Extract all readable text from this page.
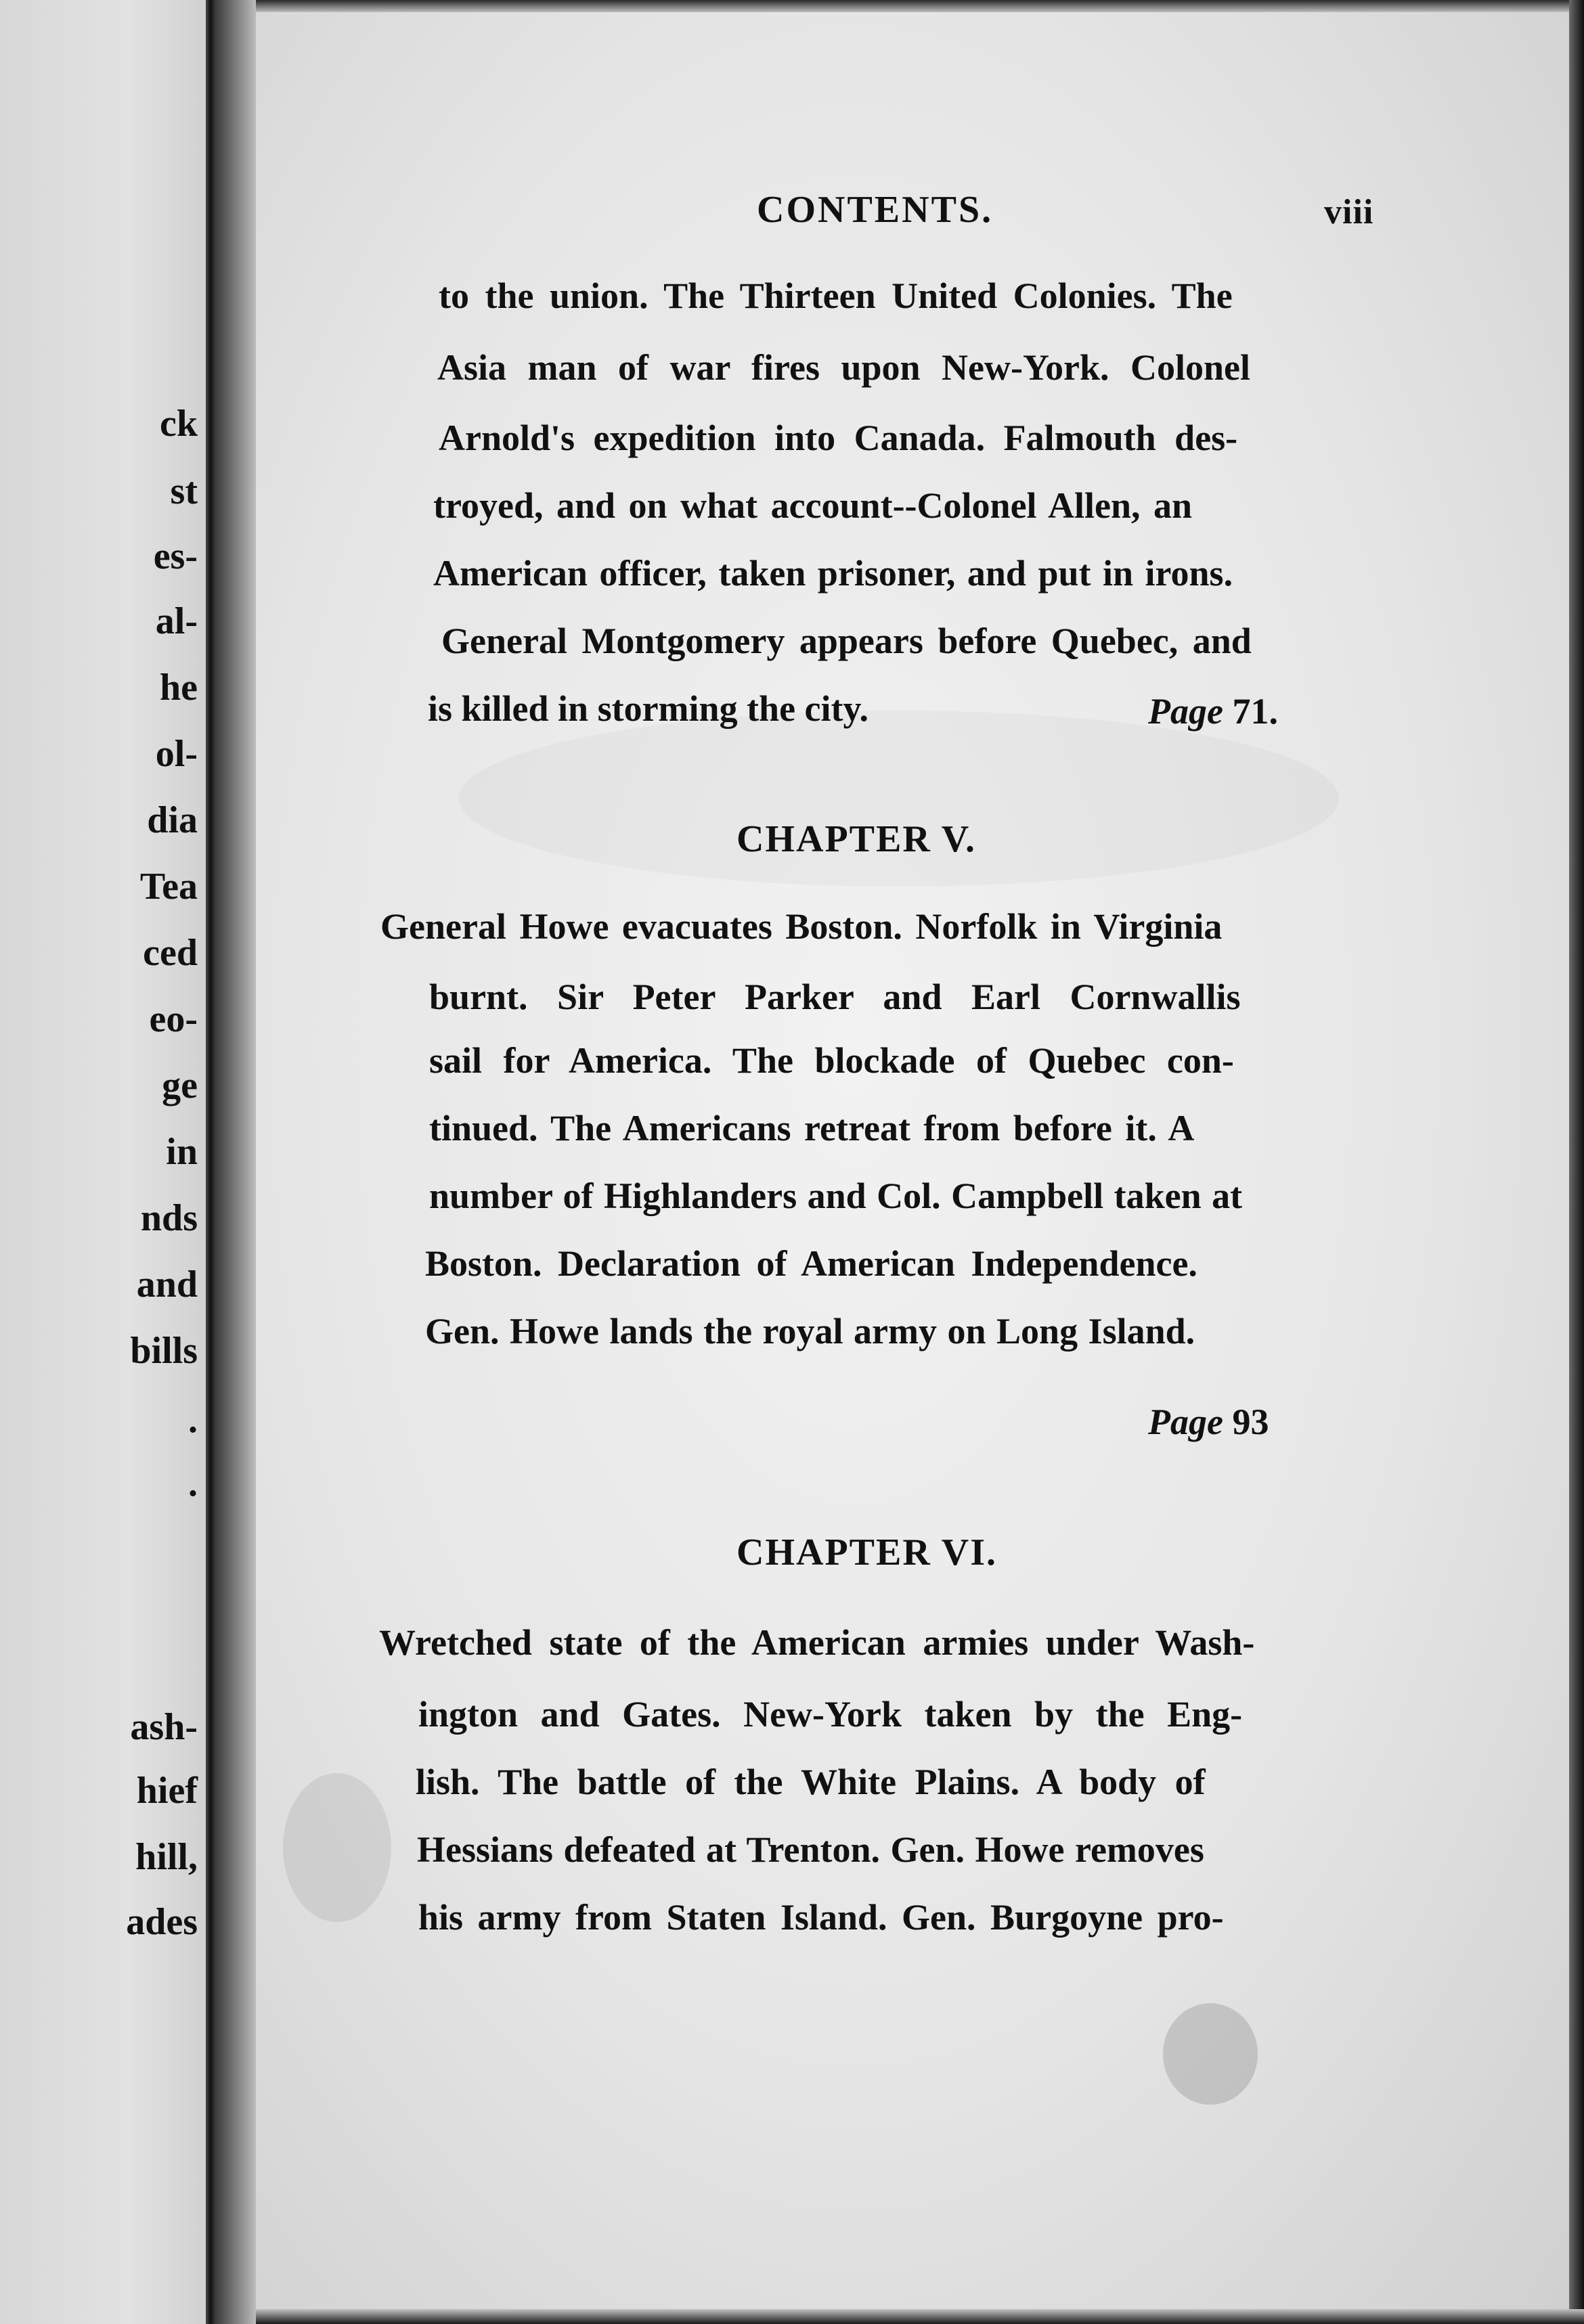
ck
st
es-
al-
he
ol-
dia
Tea
ced
eo-
ge
in
nds
and
bills
.
.
ash-
hief
hill,
ades
CONTENTS.	viii
to the union. The Thirteen United Colonies. The
Asia man of war fires upon New-York. Colonel
Arnold's expedition into Canada. Falmouth des-
troyed, and on what account--Colonel Allen, an
American officer, taken prisoner, and put in irons.
General Montgomery appears before Quebec, and
is killed in storming the city.	Page 71.
CHAPTER V.
General Howe evacuates Boston. Norfolk in Virginia
burnt. Sir Peter Parker and Earl Cornwallis
sail for America. The blockade of Quebec con-
tinued. The Americans retreat from before it. A
number of Highlanders and Col. Campbell taken at
Boston. Declaration of American Independence.
Gen. Howe lands the royal army on Long Island.
Page 93
CHAPTER VI.
Wretched state of the American armies under Wash-
ington and Gates. New-York taken by the Eng-
lish. The battle of the White Plains. A body of
Hessians defeated at Trenton. Gen. Howe removes
his army from Staten Island. Gen. Burgoyne pro-
